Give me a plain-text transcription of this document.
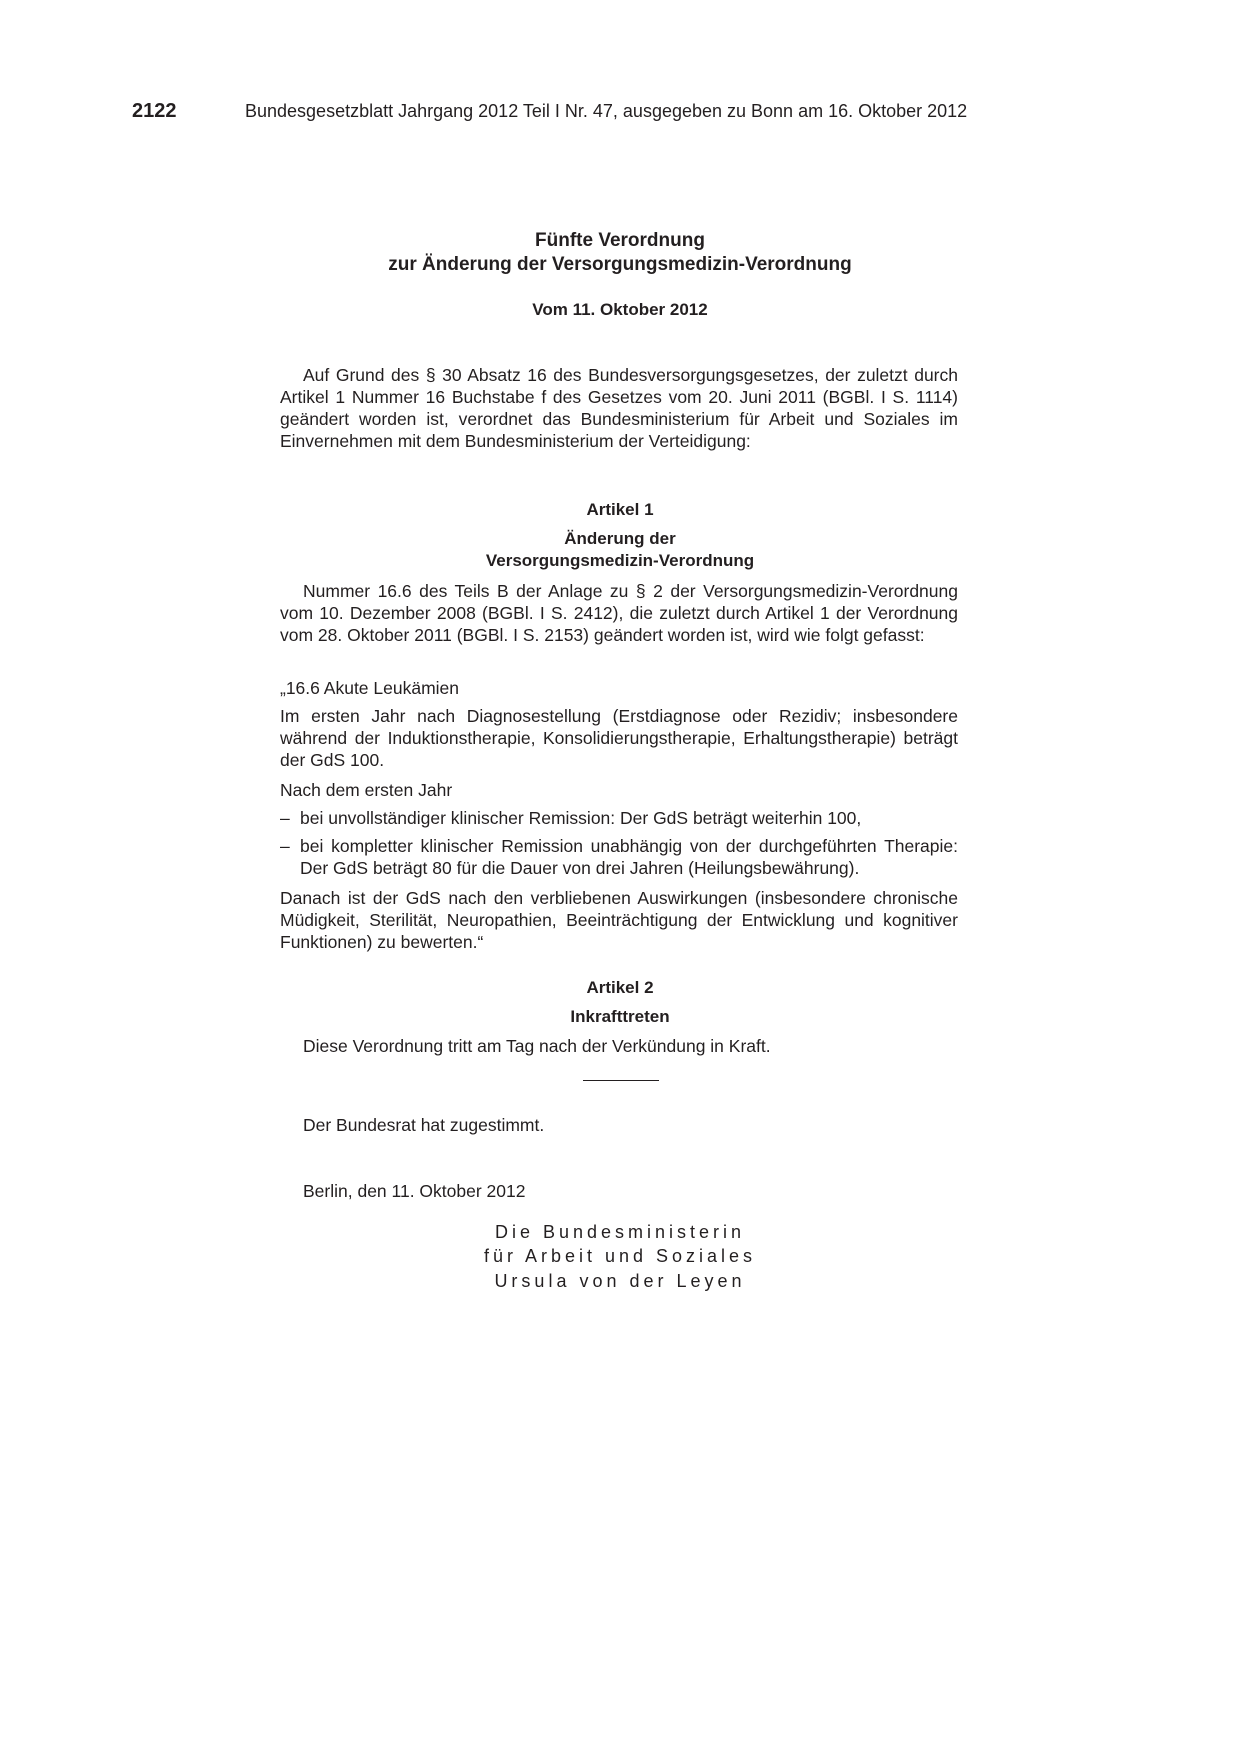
2122	Bundesgesetzblatt Jahrgang 2012 Teil I Nr. 47, ausgegeben zu Bonn am 16. Oktober 2012
Fünfte Verordnung
zur Änderung der Versorgungsmedizin-Verordnung
Vom 11. Oktober 2012
Auf Grund des § 30 Absatz 16 des Bundesversorgungsgesetzes, der zuletzt durch Artikel 1 Nummer 16 Buchstabe f des Gesetzes vom 20. Juni 2011 (BGBl. I S. 1114) geändert worden ist, verordnet das Bundesministerium für Arbeit und Soziales im Einvernehmen mit dem Bundesministerium der Verteidigung:
Artikel 1
Änderung der
Versorgungsmedizin-Verordnung
Nummer 16.6 des Teils B der Anlage zu § 2 der Versorgungsmedizin-Verordnung vom 10. Dezember 2008 (BGBl. I S. 2412), die zuletzt durch Artikel 1 der Verordnung vom 28. Oktober 2011 (BGBl. I S. 2153) geändert worden ist, wird wie folgt gefasst:
„16.6 Akute Leukämien
Im ersten Jahr nach Diagnosestellung (Erstdiagnose oder Rezidiv; insbesondere während der Induktionstherapie, Konsolidierungstherapie, Erhaltungstherapie) beträgt der GdS 100.
Nach dem ersten Jahr
– bei unvollständiger klinischer Remission: Der GdS beträgt weiterhin 100,
– bei kompletter klinischer Remission unabhängig von der durchgeführten Therapie: Der GdS beträgt 80 für die Dauer von drei Jahren (Heilungsbewährung).
Danach ist der GdS nach den verbliebenen Auswirkungen (insbesondere chronische Müdigkeit, Sterilität, Neuropathien, Beeinträchtigung der Entwicklung und kognitiver Funktionen) zu bewerten.“
Artikel 2
Inkrafttreten
Diese Verordnung tritt am Tag nach der Verkündung in Kraft.
Der Bundesrat hat zugestimmt.
Berlin, den 11. Oktober 2012
Die Bundesministerin
für Arbeit und Soziales
Ursula von der Leyen
